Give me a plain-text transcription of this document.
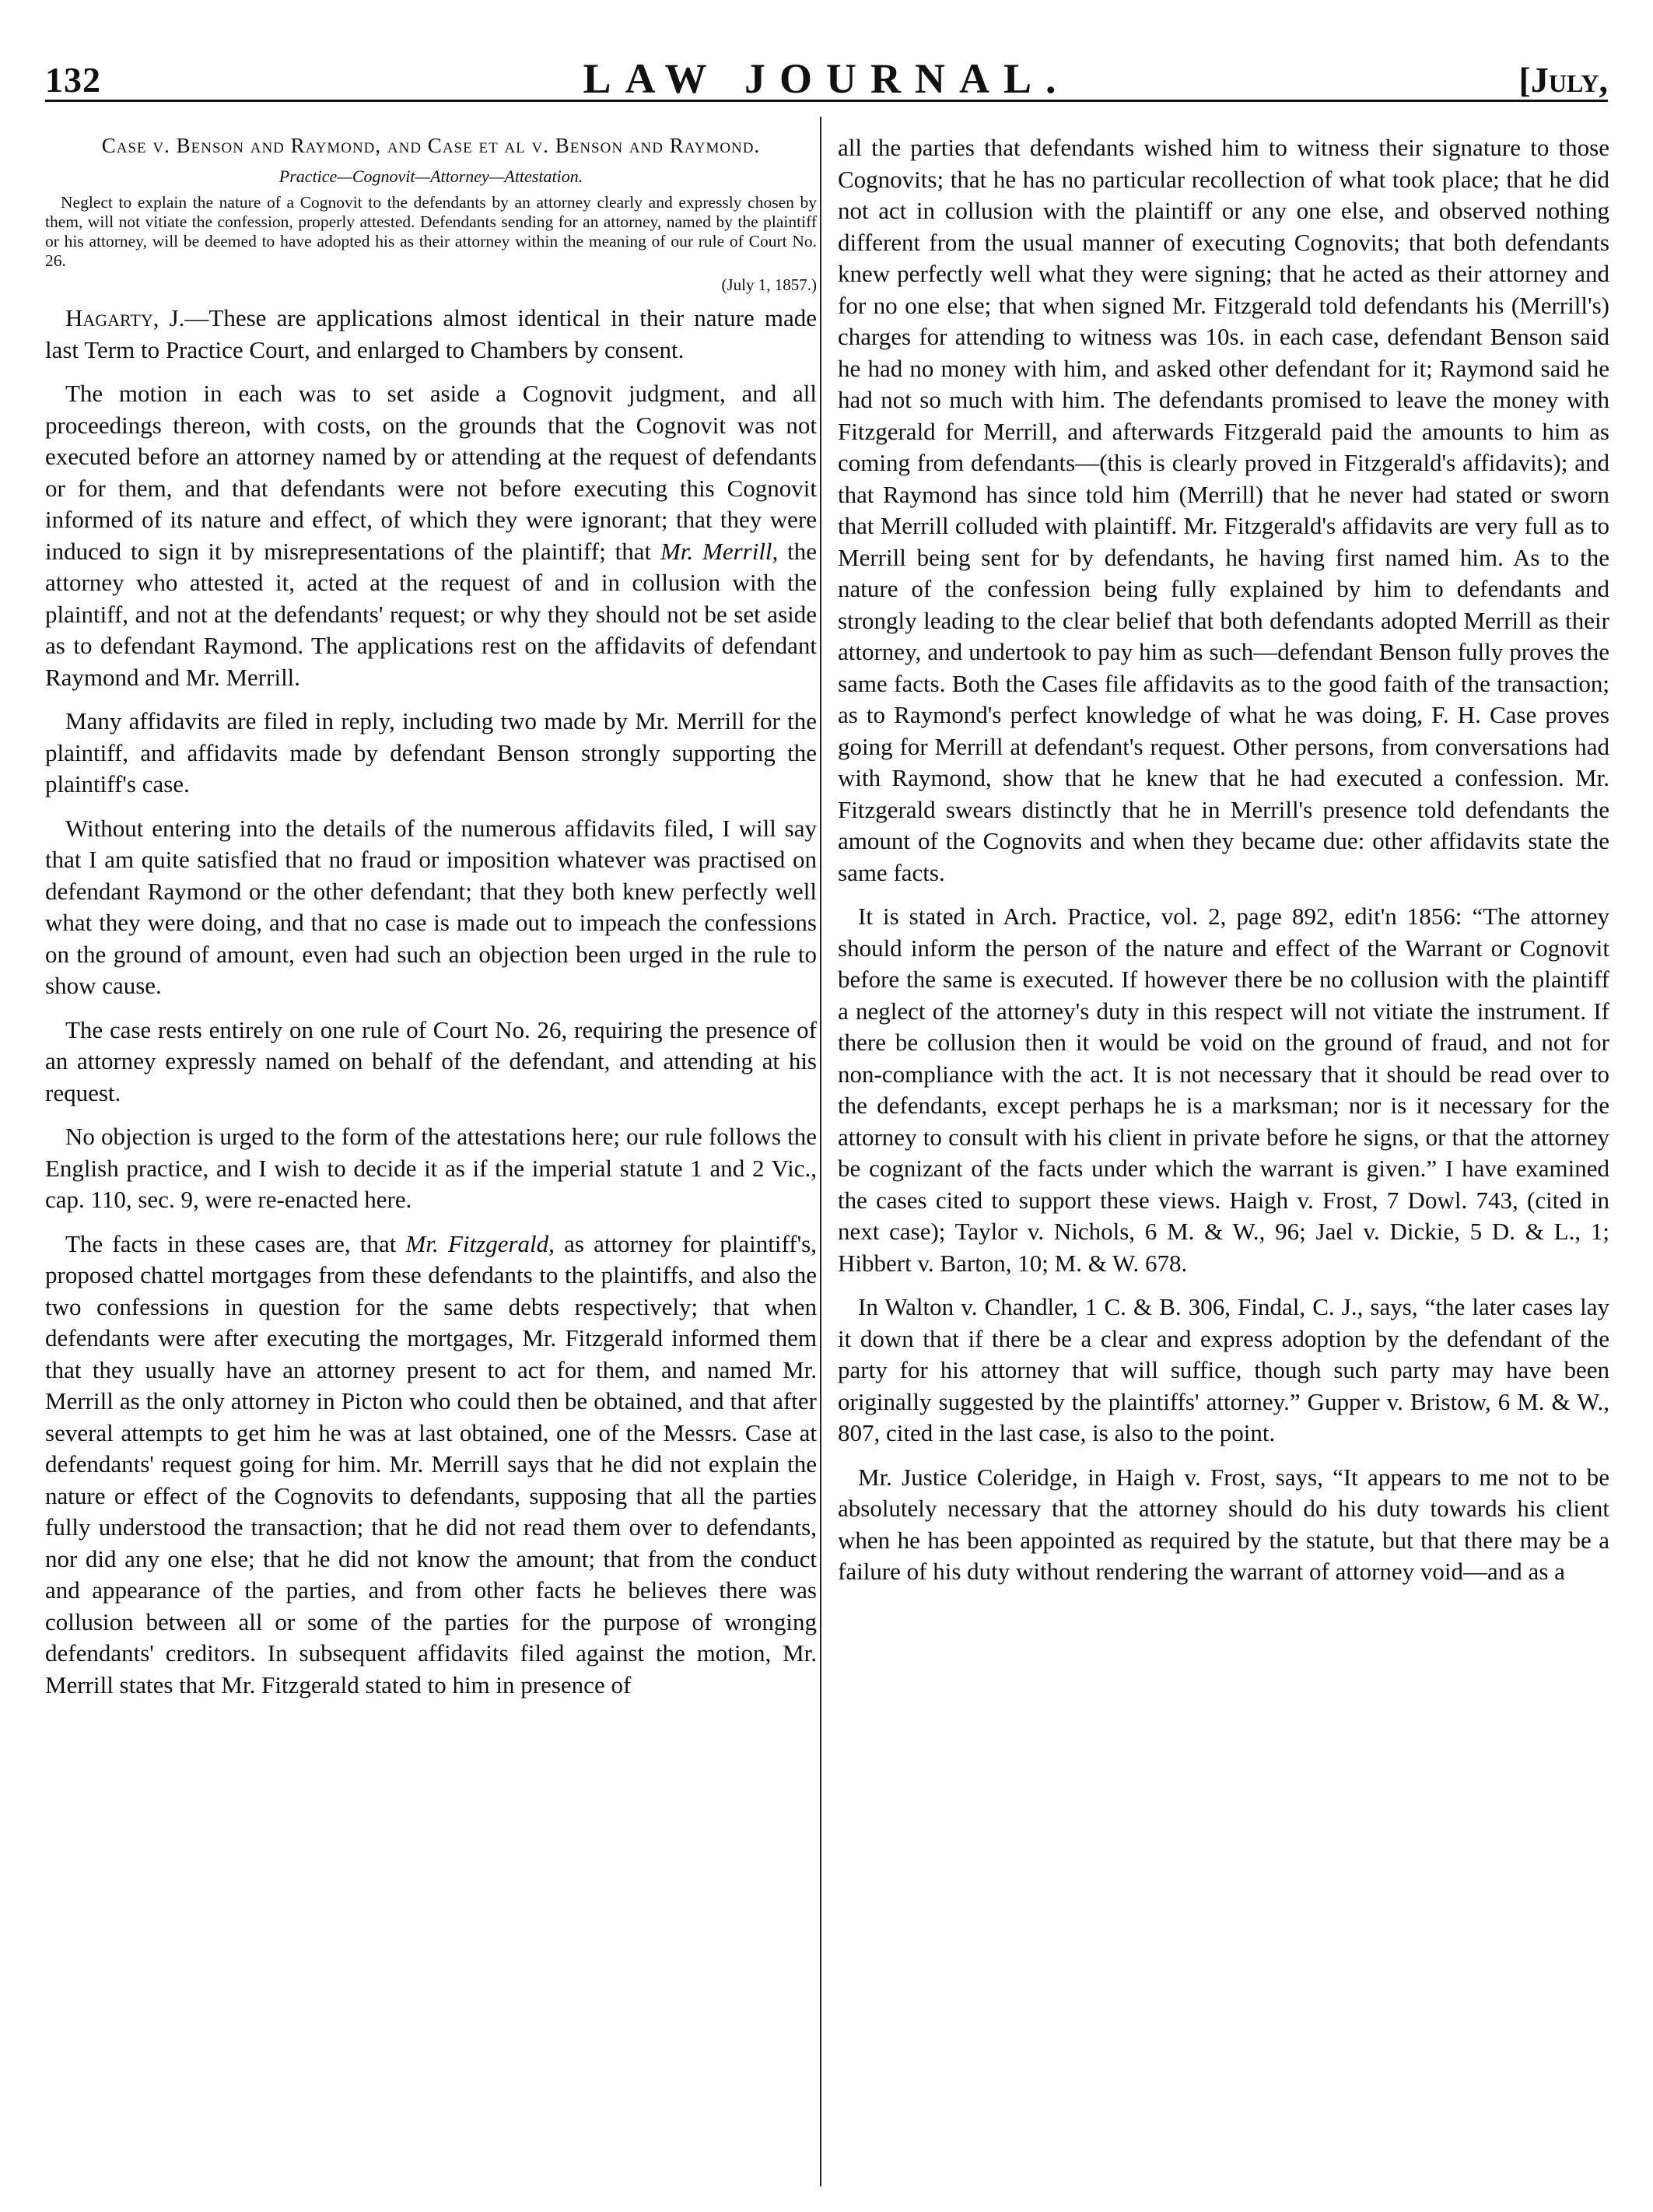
132	LAW JOURNAL.	[July,
Case v. Benson and Raymond, and Case et al v. Benson and Raymond.
Practice—Cognovit—Attorney—Attestation.

Neglect to explain the nature of a Cognovit to the defendants by an attorney clearly and expressly chosen by them, will not vitiate the confession, properly attested. Defendants sending for an attorney, named by the plaintiff or his attorney, will be deemed to have adopted his as their attorney within the meaning of our rule of Court No. 26.

(July 1, 1857.)

Hagarty, J.—These are applications almost identical in their nature made last Term to Practice Court, and enlarged to Chambers by consent.

The motion in each was to set aside a Cognovit judgment, and all proceedings thereon, with costs, on the grounds that the Cognovit was not executed before an attorney named by or attending at the request of defendants or for them, and that defendants were not before executing this Cognovit informed of its nature and effect, of which they were ignorant; that they were induced to sign it by misrepresentations of the plaintiff; that Mr. Merrill, the attorney who attested it, acted at the request of and in collusion with the plaintiff, and not at the defendants' request; or why they should not be set aside as to defendant Raymond. The applications rest on the affidavits of defendant Raymond and Mr. Merrill.

Many affidavits are filed in reply, including two made by Mr. Merrill for the plaintiff, and affidavits made by defendant Benson strongly supporting the plaintiff's case.

Without entering into the details of the numerous affidavits filed, I will say that I am quite satisfied that no fraud or imposition whatever was practised on defendant Raymond or the other defendant; that they both knew perfectly well what they were doing, and that no case is made out to impeach the confessions on the ground of amount, even had such an objection been urged in the rule to show cause.

The case rests entirely on one rule of Court No. 26, requiring the presence of an attorney expressly named on behalf of the defendant, and attending at his request.

No objection is urged to the form of the attestations here; our rule follows the English practice, and I wish to decide it as if the imperial statute 1 and 2 Vic., cap. 110, sec. 9, were re-enacted here.

The facts in these cases are, that Mr. Fitzgerald, as attorney for plaintiff's, proposed chattel mortgages from these defendants to the plaintiffs, and also the two confessions in question for the same debts respectively; that when defendants were after executing the mortgages, Mr. Fitzgerald informed them that they usually have an attorney present to act for them, and named Mr. Merrill as the only attorney in Picton who could then be obtained, and that after several attempts to get him he was at last obtained, one of the Messrs. Case at defendants' request going for him. Mr. Merrill says that he did not explain the nature or effect of the Cognovits to defendants, supposing that all the parties fully understood the transaction; that he did not read them over to defendants, nor did any one else; that he did not know the amount; that from the conduct and appearance of the parties, and from other facts he believes there was collusion between all or some of the parties for the purpose of wronging defendants' creditors. In subsequent affidavits filed against the motion, Mr. Merrill states that Mr. Fitzgerald stated to him in presence of

all the parties that defendants wished him to witness their signature to those Cognovits; that he has no particular recollection of what took place; that he did not act in collusion with the plaintiff or any one else, and observed nothing different from the usual manner of executing Cognovits; that both defendants knew perfectly well what they were signing; that he acted as their attorney and for no one else; that when signed Mr. Fitzgerald told defendants his (Merrill's) charges for attending to witness was 10s. in each case, defendant Benson said he had no money with him, and asked other defendant for it; Raymond said he had not so much with him. The defendants promised to leave the money with Fitzgerald for Merrill, and afterwards Fitzgerald paid the amounts to him as coming from defendants—(this is clearly proved in Fitzgerald's affidavits); and that Raymond has since told him (Merrill) that he never had stated or sworn that Merrill colluded with plaintiff. Mr. Fitzgerald's affidavits are very full as to Merrill being sent for by defendants, he having first named him. As to the nature of the confession being fully explained by him to defendants and strongly leading to the clear belief that both defendants adopted Merrill as their attorney, and undertook to pay him as such—defendant Benson fully proves the same facts. Both the Cases file affidavits as to the good faith of the transaction; as to Raymond's perfect knowledge of what he was doing, F. H. Case proves going for Merrill at defendant's request. Other persons, from conversations had with Raymond, show that he knew that he had executed a confession. Mr. Fitzgerald swears distinctly that he in Merrill's presence told defendants the amount of the Cognovits and when they became due: other affidavits state the same facts.

It is stated in Arch. Practice, vol. 2, page 892, edit'n 1856: “The attorney should inform the person of the nature and effect of the Warrant or Cognovit before the same is executed. If however there be no collusion with the plaintiff a neglect of the attorney's duty in this respect will not vitiate the instrument. If there be collusion then it would be void on the ground of fraud, and not for non-compliance with the act. It is not necessary that it should be read over to the defendants, except perhaps he is a marksman; nor is it necessary for the attorney to consult with his client in private before he signs, or that the attorney be cognizant of the facts under which the warrant is given.” I have examined the cases cited to support these views. Haigh v. Frost, 7 Dowl. 743, (cited in next case); Taylor v. Nichols, 6 M. & W., 96; Jael v. Dickie, 5 D. & L., 1; Hibbert v. Barton, 10; M. & W. 678.

In Walton v. Chandler, 1 C. & B. 306, Findal, C. J., says, “the later cases lay it down that if there be a clear and express adoption by the defendant of the party for his attorney that will suffice, though such party may have been originally suggested by the plaintiffs' attorney.” Gupper v. Bristow, 6 M. & W., 807, cited in the last case, is also to the point.

Mr. Justice Coleridge, in Haigh v. Frost, says, “It appears to me not to be absolutely necessary that the attorney should do his duty towards his client when he has been appointed as required by the statute, but that there may be a failure of his duty without rendering the warrant of attorney void—and as a
